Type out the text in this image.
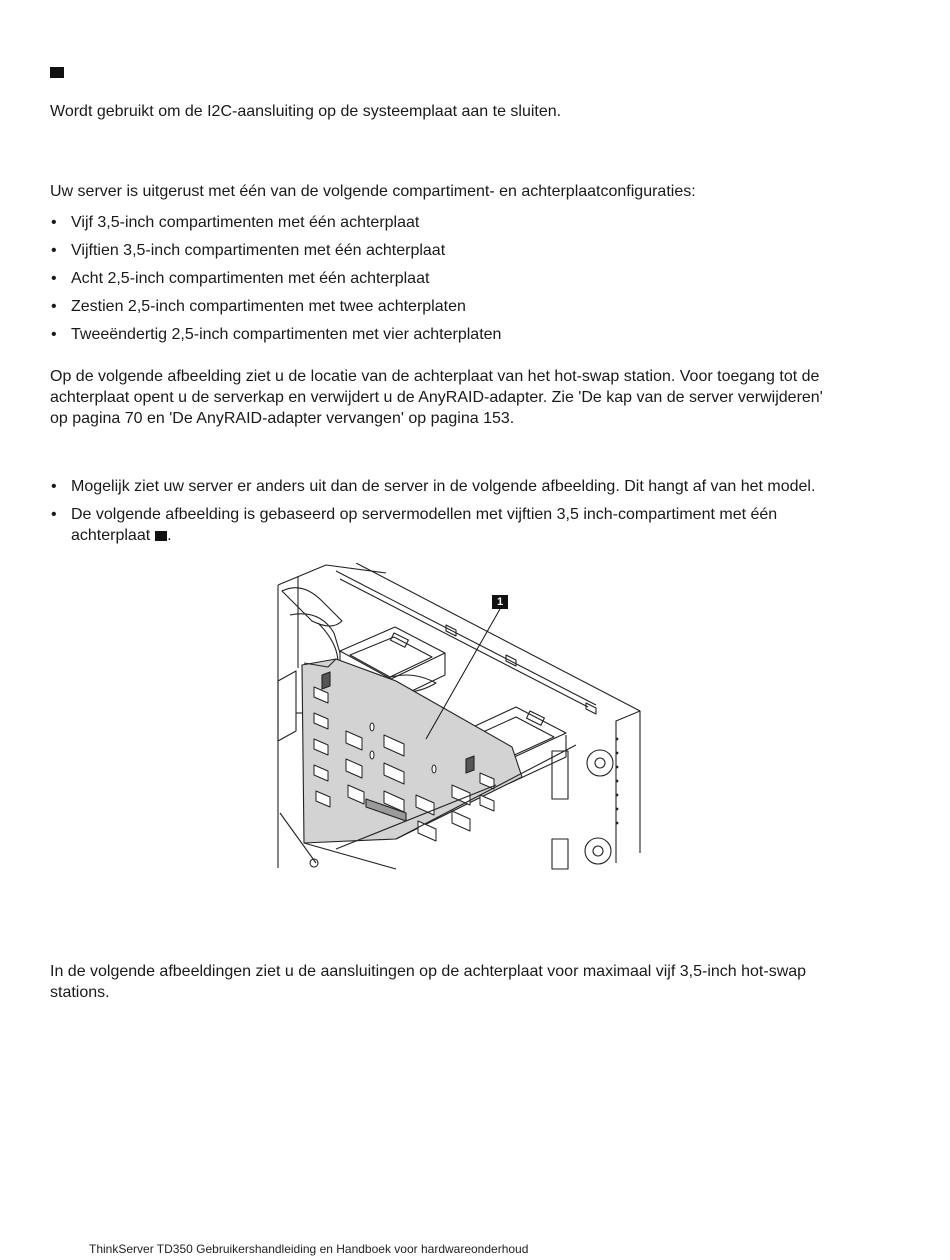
Wordt gebruikt om de I2C-aansluiting op de systeemplaat aan te sluiten.

Uw server is uitgerust met één van de volgende compartiment- en achterplaatconfiguraties:

• Vijf 3,5-inch compartimenten met één achterplaat
• Vijftien 3,5-inch compartimenten met één achterplaat
• Acht 2,5-inch compartimenten met één achterplaat
• Zestien 2,5-inch compartimenten met twee achterplaten
• Tweeëndertig 2,5-inch compartimenten met vier achterplaten
Op de volgende afbeelding ziet u de locatie van de achterplaat van het hot-swap station. Voor toegang tot de
achterplaat opent u de serverkap en verwijdert u de AnyRAID-adapter. Zie 'De kap van de server verwijderen'
op pagina 70 en 'De AnyRAID-adapter vervangen' op pagina 153.
• Mogelijk ziet uw server er anders uit dan de server in de volgende afbeelding. Dit hangt af van het model.
• De volgende afbeelding is gebaseerd op servermodellen met vijftien 3,5 inch-compartiment met één
achterplaat .
1
In de volgende afbeeldingen ziet u de aansluitingen op de achterplaat voor maximaal vijf 3,5-inch hot-swap
stations.
ThinkServer TD350 Gebruikershandleiding en Handboek voor hardwareonderhoud
